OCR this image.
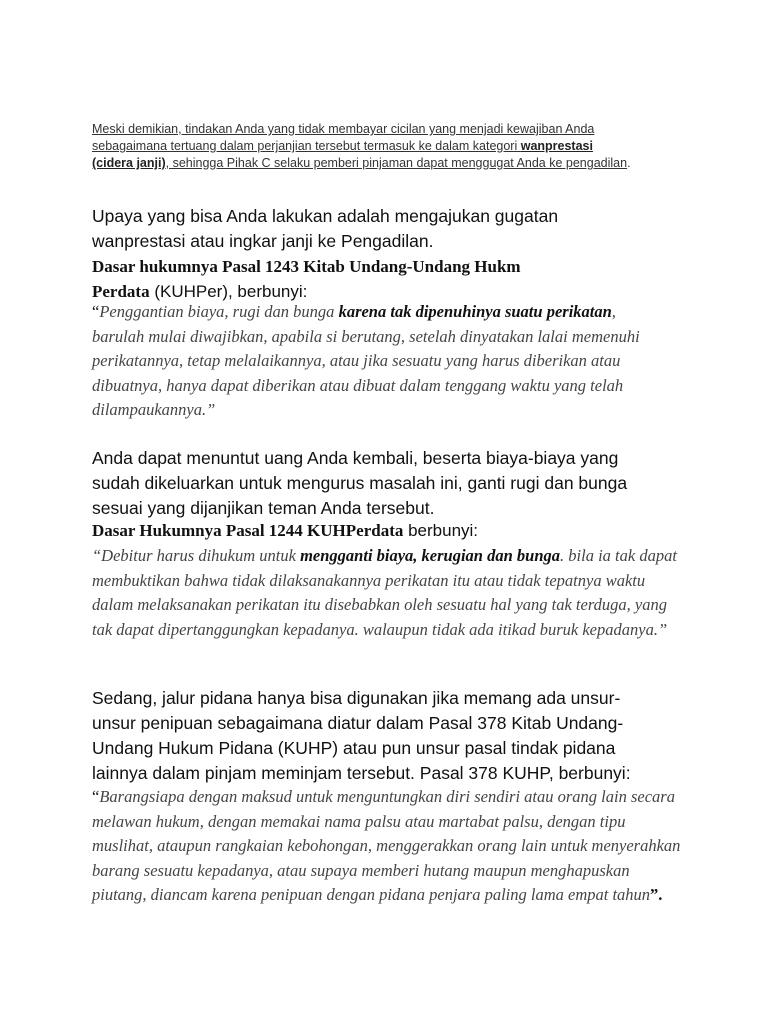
Meski demikian, tindakan Anda yang tidak membayar cicilan yang menjadi kewajiban Anda sebagaimana tertuang dalam perjanjian tersebut termasuk ke dalam kategori wanprestasi (cidera janji), sehingga Pihak C selaku pemberi pinjaman dapat menggugat Anda ke pengadilan.
Upaya yang bisa Anda lakukan adalah mengajukan gugatan wanprestasi atau ingkar janji ke Pengadilan.
Dasar hukumnya Pasal 1243 Kitab Undang-Undang Hukm Perdata (KUHPer), berbunyi:
“Penggantian biaya, rugi dan bunga karena tak dipenuhinya suatu perikatan, barulah mulai diwajibkan, apabila si berutang, setelah dinyatakan lalai memenuhi perikatannya, tetap melalaikannya, atau jika sesuatu yang harus diberikan atau dibuatnya, hanya dapat diberikan atau dibuat dalam tenggang waktu yang telah dilampaukannya.”
Anda dapat menuntut uang Anda kembali, beserta biaya-biaya yang sudah dikeluarkan untuk mengurus masalah ini, ganti rugi dan bunga sesuai yang dijanjikan teman Anda tersebut.
Dasar Hukumnya Pasal 1244 KUHPerdata berbunyi:
“Debitur harus dihukum untuk mengganti biaya, kerugian dan bunga. bila ia tak dapat membuktikan bahwa tidak dilaksanakannya perikatan itu atau tidak tepatnya waktu dalam melaksanakan perikatan itu disebabkan oleh sesuatu hal yang tak terduga, yang tak dapat dipertanggungkan kepadanya. walaupun tidak ada itikad buruk kepadanya.”
Sedang, jalur pidana hanya bisa digunakan jika memang ada unsur-unsur penipuan sebagaimana diatur dalam Pasal 378 Kitab Undang-Undang Hukum Pidana (KUHP) atau pun unsur pasal tindak pidana lainnya dalam pinjam meminjam tersebut. Pasal 378 KUHP, berbunyi:
“Barangsiapa dengan maksud untuk menguntungkan diri sendiri atau orang lain secara melawan hukum, dengan memakai nama palsu atau martabat palsu, dengan tipu muslihat, ataupun rangkaian kebohongan, menggerakkan orang lain untuk menyerahkan barang sesuatu kepadanya, atau supaya memberi hutang maupun menghapuskan piutang, diancam karena penipuan dengan pidana penjara paling lama empat tahun”.
